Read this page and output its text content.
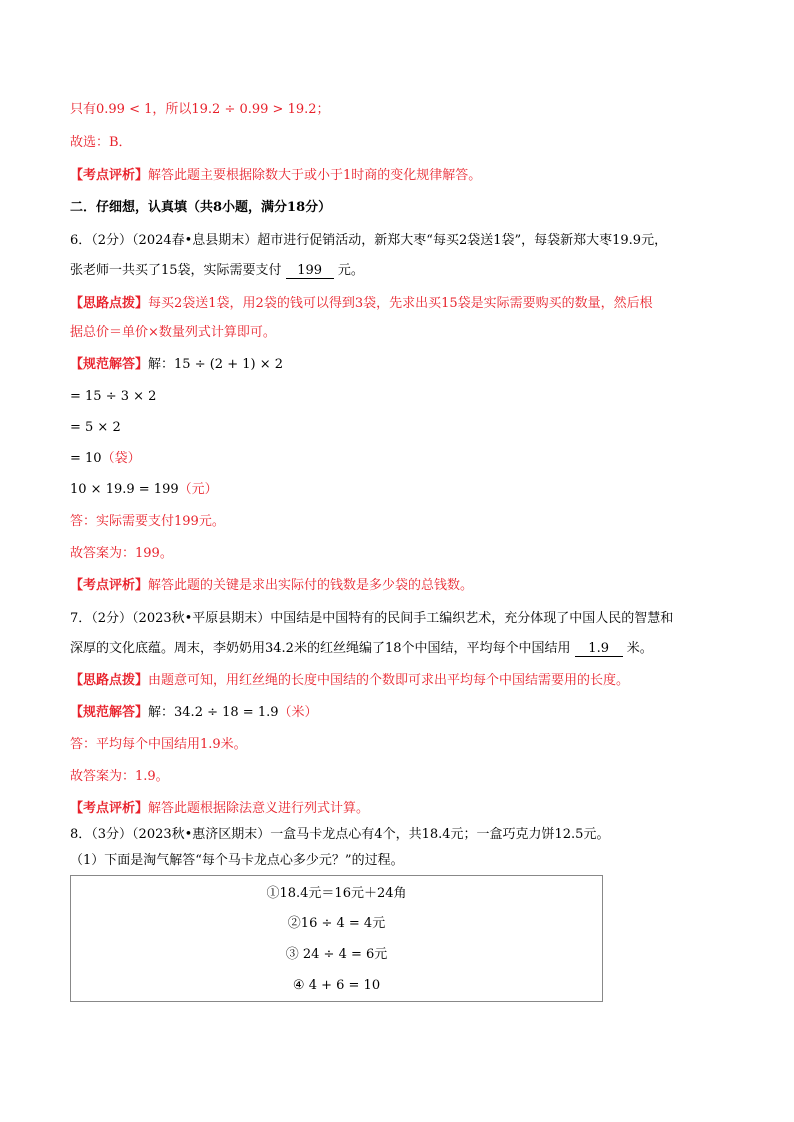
只有0.99 < 1，所以19.2 ÷ 0.99 > 19.2；
故选：B．
【考点评析】解答此题主要根据除数大于或小于1时商的变化规律解答。
二．仔细想，认真填（共8小题，满分18分）
6．（2分）（2024春•息县期末）超市进行促销活动，新郑大枣“每买2袋送1袋”，每袋新郑大枣19.9元，
张老师一共买了15袋，实际需要支付 199 元。
【思路点拨】每买2袋送1袋，用2袋的钱可以得到3袋，先求出买15袋是实际需要购买的数量，然后根
据总价＝单价×数量列式计算即可。
【规范解答】解：15 ÷ (2 + 1) × 2
= 15 ÷ 3 × 2
= 5 × 2
= 10（袋）
10 × 19.9 = 199（元）
答：实际需要支付199元。
故答案为：199。
【考点评析】解答此题的关键是求出实际付的钱数是多少袋的总钱数。
7．（2分）（2023秋•平原县期末）中国结是中国特有的民间手工编织艺术，充分体现了中国人民的智慧和
深厚的文化底蕴。周末，李奶奶用34.2米的红丝绳编了18个中国结，平均每个中国结用 1.9 米。
【思路点拨】由题意可知，用红丝绳的长度中国结的个数即可求出平均每个中国结需要用的长度。
【规范解答】解：34.2 ÷ 18 = 1.9（米）
答：平均每个中国结用1.9米。
故答案为：1.9。
【考点评析】解答此题根据除法意义进行列式计算。
8．（3分）（2023秋•惠济区期末）一盒马卡龙点心有4个，共18.4元；一盒巧克力饼12.5元。
（1）下面是淘气解答“每个马卡龙点心多少元？”的过程。
①18.4元＝16元＋24角
②16 ÷ 4 = 4元
③ 24 ÷ 4 = 6元
④ 4 + 6 = 10
